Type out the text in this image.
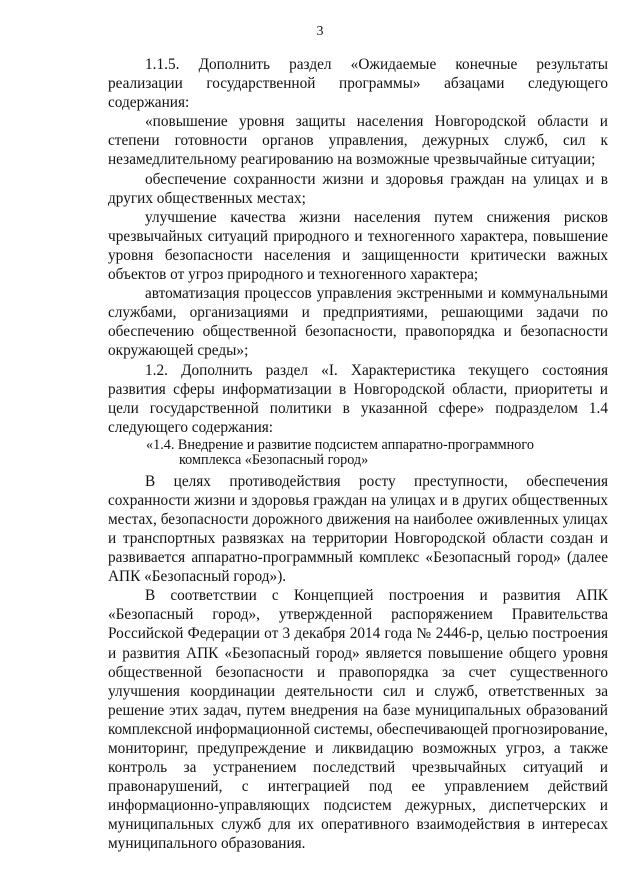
3

1.1.5. Дополнить раздел «Ожидаемые конечные результаты реализации государственной программы» абзацами следующего содержания:

«повышение уровня защиты населения Новгородской области и степени готовности органов управления, дежурных служб, сил к незамедлительному реагированию на возможные чрезвычайные ситуации;

обеспечение сохранности жизни и здоровья граждан на улицах и в других общественных местах;

улучшение качества жизни населения путем снижения рисков чрезвычайных ситуаций природного и техногенного характера, повышение уровня безопасности населения и защищенности критически важных объектов от угроз природного и техногенного характера;

автоматизация процессов управления экстренными и коммунальными службами, организациями и предприятиями, решающими задачи по обеспечению общественной безопасности, правопорядка и безопасности окружающей среды»;

1.2. Дополнить раздел «I. Характеристика текущего состояния развития сферы информатизации в Новгородской области, приоритеты и цели государственной политики в указанной сфере» подразделом 1.4 следующего содержания:

«1.4. Внедрение и развитие подсистем аппаратно-программного
комплекса «Безопасный город»

В целях противодействия росту преступности, обеспечения сохранности жизни и здоровья граждан на улицах и в других общественных местах, безопасности дорожного движения на наиболее оживленных улицах и транспортных развязках на территории Новгородской области создан и развивается аппаратно-программный комплекс «Безопасный город» (далее АПК «Безопасный город»).

В соответствии с Концепцией построения и развития АПК «Безопасный город», утвержденной распоряжением Правительства Российской Федерации от 3 декабря 2014 года № 2446-р, целью построения и развития АПК «Безопасный город» является повышение общего уровня общественной безопасности и правопорядка за счет существенного улучшения координации деятельности сил и служб, ответственных за решение этих задач, путем внедрения на базе муниципальных образований комплексной информационной системы, обеспечивающей прогнозирование, мониторинг, предупреждение и ликвидацию возможных угроз, а также контроль за устранением последствий чрезвычайных ситуаций и правонарушений, с интеграцией под ее управлением действий информационно-управляющих подсистем дежурных, диспетчерских и муниципальных служб для их оперативного взаимодействия в интересах муниципального образования.
